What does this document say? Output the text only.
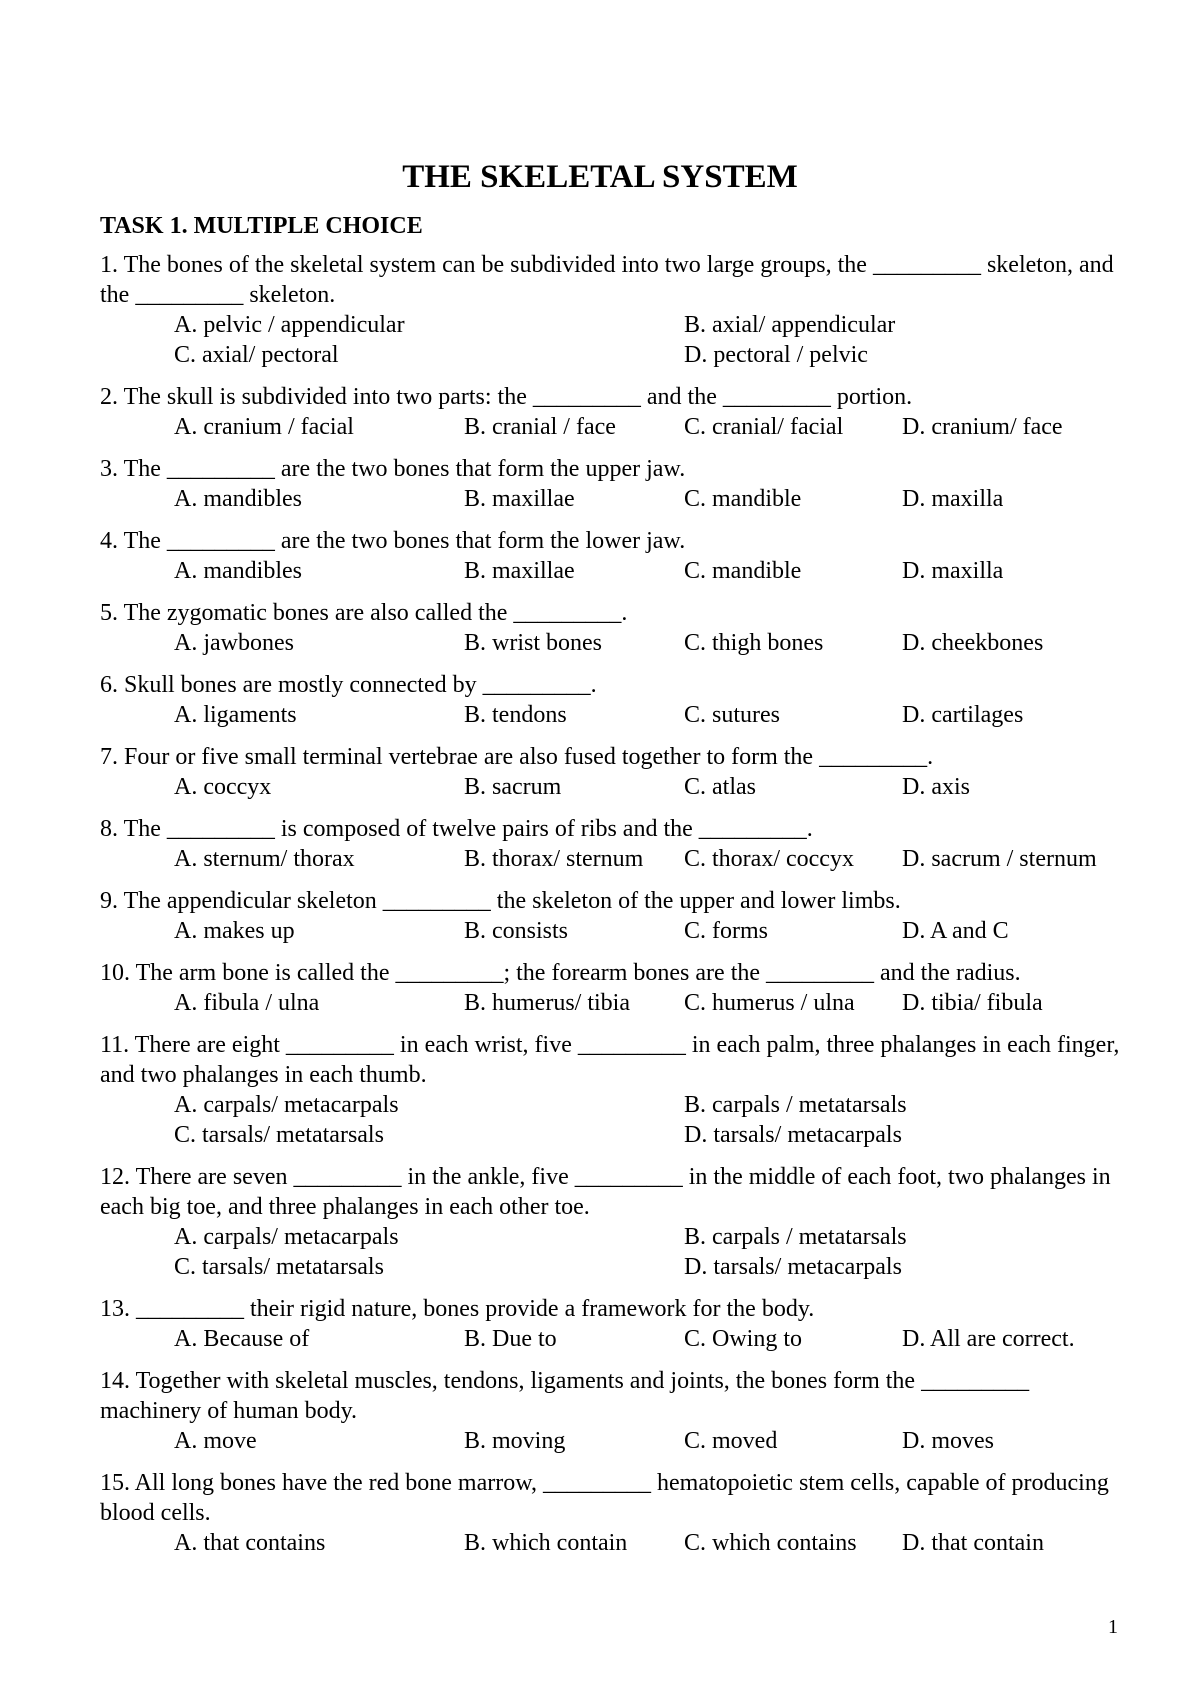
THE SKELETAL SYSTEM
TASK 1. MULTIPLE CHOICE
1. The bones of the skeletal system can be subdivided into two large groups, the _________ skeleton, and the _________ skeleton.
A. pelvic / appendicular	B. axial/ appendicular
C. axial/ pectoral	D. pectoral / pelvic
2. The skull is subdivided into two parts: the _________ and the _________ portion.
A. cranium / facial	B. cranial / face	C. cranial/ facial	D. cranium/ face
3. The _________ are the two bones that form the upper jaw.
A. mandibles	B. maxillae	C. mandible	D. maxilla
4. The _________ are the two bones that form the lower jaw.
A. mandibles	B. maxillae	C. mandible	D. maxilla
5. The zygomatic bones are also called the _________.
A. jawbones	B. wrist bones	C. thigh bones	D. cheekbones
6. Skull bones are mostly connected by _________.
A. ligaments	B. tendons	C. sutures	D. cartilages
7. Four or five small terminal vertebrae are also fused together to form the _________.
A. coccyx	B. sacrum	C. atlas	D. axis
8. The _________ is composed of twelve pairs of ribs and the _________.
A. sternum/ thorax	B. thorax/ sternum	C. thorax/ coccyx	D. sacrum / sternum
9. The appendicular skeleton _________ the skeleton of the upper and lower limbs.
A. makes up	B. consists	C. forms	D. A and C
10. The arm bone is called the _________; the forearm bones are the _________ and the radius.
A. fibula / ulna	B. humerus/ tibia	C. humerus / ulna	D. tibia/ fibula
11. There are eight _________ in each wrist, five _________ in each palm, three phalanges in each finger, and two phalanges in each thumb.
A. carpals/ metacarpals	B. carpals / metatarsals
C. tarsals/ metatarsals	D. tarsals/ metacarpals
12. There are seven _________ in the ankle, five _________ in the middle of each foot, two phalanges in each big toe, and three phalanges in each other toe.
A. carpals/ metacarpals	B. carpals / metatarsals
C. tarsals/ metatarsals	D. tarsals/ metacarpals
13. _________ their rigid nature, bones provide a framework for the body.
A. Because of	B. Due to	C. Owing to	D. All are correct.
14. Together with skeletal muscles, tendons, ligaments and joints, the bones form the _________ machinery of human body.
A. move	B. moving	C. moved	D. moves
15. All long bones have the red bone marrow, _________ hematopoietic stem cells, capable of producing blood cells.
A. that contains	B. which contain	C. which contains	D. that contain
1
